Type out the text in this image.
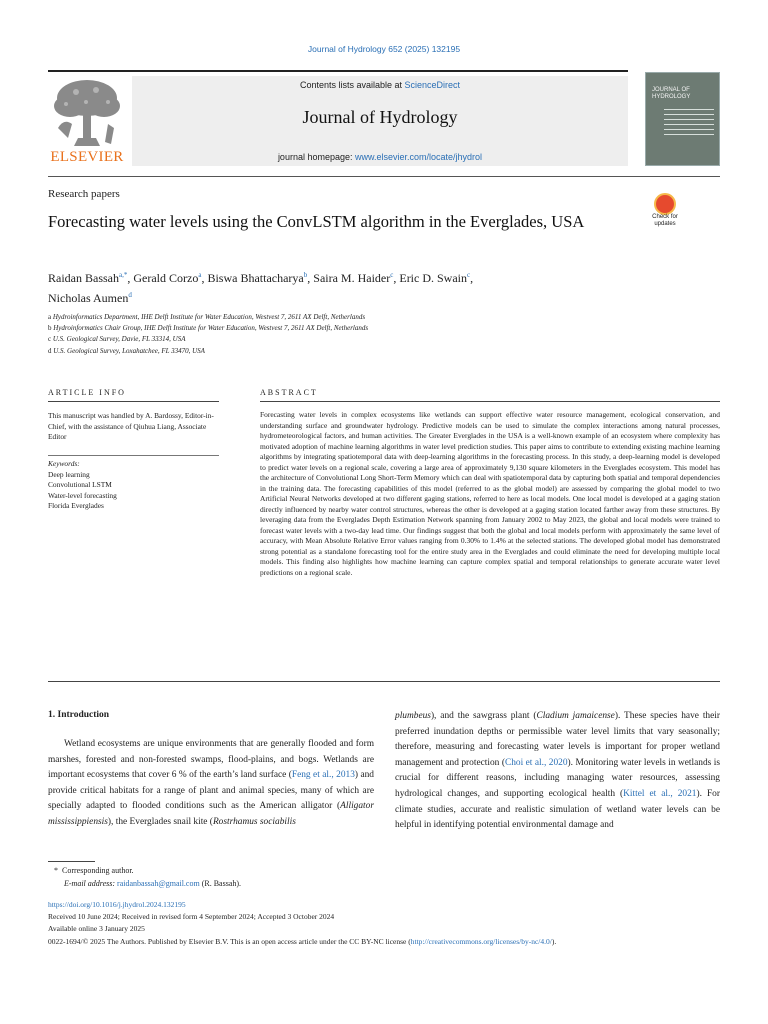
Journal of Hydrology 652 (2025) 132195
ELSEVIER
Contents lists available at ScienceDirect
Journal of Hydrology
journal homepage: www.elsevier.com/locate/jhydrol
JOURNAL OF HYDROLOGY
Research papers
Forecasting water levels using the ConvLSTM algorithm in the Everglades, USA	Check for updates
Raidan Bassah$^{a,*}$, Gerald Corzo$^a$, Biswa Bhattacharya$^b$, Saira M. Haider$^c$, Eric D. Swain$^c$,
Nicholas Aumen$^d$
a Hydroinformatics Department, IHE Delft Institute for Water Education, Westvest 7, 2611 AX Delft, Netherlands
b Hydroinformatics Chair Group, IHE Delft Institute for Water Education, Westvest 7, 2611 AX Delft, Netherlands
c U.S. Geological Survey, Davie, FL 33314, USA
d U.S. Geological Survey, Loxahatchee, FL 33470, USA
ARTICLE INFO	ABSTRACT
This manuscript was handled by A. Bardossy, Editor-in-Chief, with the assistance of Qiuhua Liang, Associate Editor
Keywords:
Deep learning
Convolutional LSTM
Water-level forecasting
Florida Everglades
Forecasting water levels in complex ecosystems like wetlands can support effective water resource management, ecological conservation, and understanding surface and groundwater hydrology. Predictive models can be used to simulate the complex interactions among natural processes, hydrometeorological factors, and human activities. The Greater Everglades in the USA is a well-known example of an ecosystem where complexity has motivated adoption of machine learning algorithms in water level prediction studies. This paper aims to contribute to extending existing machine learning algorithms by integrating spatiotemporal data with deep-learning algorithms in the forecasting process. In this study, a deep-learning model is developed to predict water levels on a regional scale, covering a large area of approximately 9,130 square kilometers in the Everglades ecosystem. This model has the architecture of Convolutional Long Short-Term Memory which can deal with spatiotemporal data by capturing both spatial and temporal dependencies in the training data. The forecasting capabilities of this model (referred to as the global model) are assessed by comparing the global model to two Artificial Neural Networks developed at two different gaging stations, referred to here as local models. One local model is developed at a gaging station directly influenced by nearby water control structures, whereas the other is developed at a gaging station located farther away from these structures. By leveraging data from the Everglades Depth Estimation Network spanning from January 2002 to May 2023, the global and local models were trained to forecast water levels with a two-day lead time. Our findings suggest that both the global and local models perform with approximately the same level of accuracy, with Mean Absolute Relative Error values ranging from 0.30% to 1.4% at the selected stations. The developed global model has demonstrated strong potential as a standalone forecasting tool for the entire study area in the Everglades and could eliminate the need for developing multiple local models. This finding also highlights how machine learning can capture complex spatial and temporal relationships to generate accurate water level predictions on a regional scale.
1. Introduction
Wetland ecosystems are unique environments that are generally flooded and form marshes, forested and non-forested swamps, flood-plains, and bogs. Wetlands are important ecosystems that cover 6 % of the earth’s land surface (Feng et al., 2013) and provide critical habitats for a range of plant and animal species, many of which are specially adapted to flooded conditions such as the American alligator (Alligator mississippiensis), the Everglades snail kite (Rostrhamus sociabilis
plumbeus), and the sawgrass plant (Cladium jamaicense). These species have their preferred inundation depths or permissible water level limits that vary seasonally; therefore, measuring and forecasting water levels is important for proper wetland management and protection (Choi et al., 2020). Monitoring water levels in wetlands is crucial for different reasons, including managing water resources, assessing hydrological changes, and supporting ecological health (Kittel et al., 2021). For climate studies, accurate and realistic simulation of wetland water levels can be helpful in identifying potential environmental damage and
*  Corresponding author.
E-mail address: raidanbassah@gmail.com (R. Bassah).
https://doi.org/10.1016/j.jhydrol.2024.132195
Received 10 June 2024; Received in revised form 4 September 2024; Accepted 3 October 2024
Available online 3 January 2025
0022-1694/© 2025 The Authors. Published by Elsevier B.V. This is an open access article under the CC BY-NC license (http://creativecommons.org/licenses/by-nc/4.0/).
